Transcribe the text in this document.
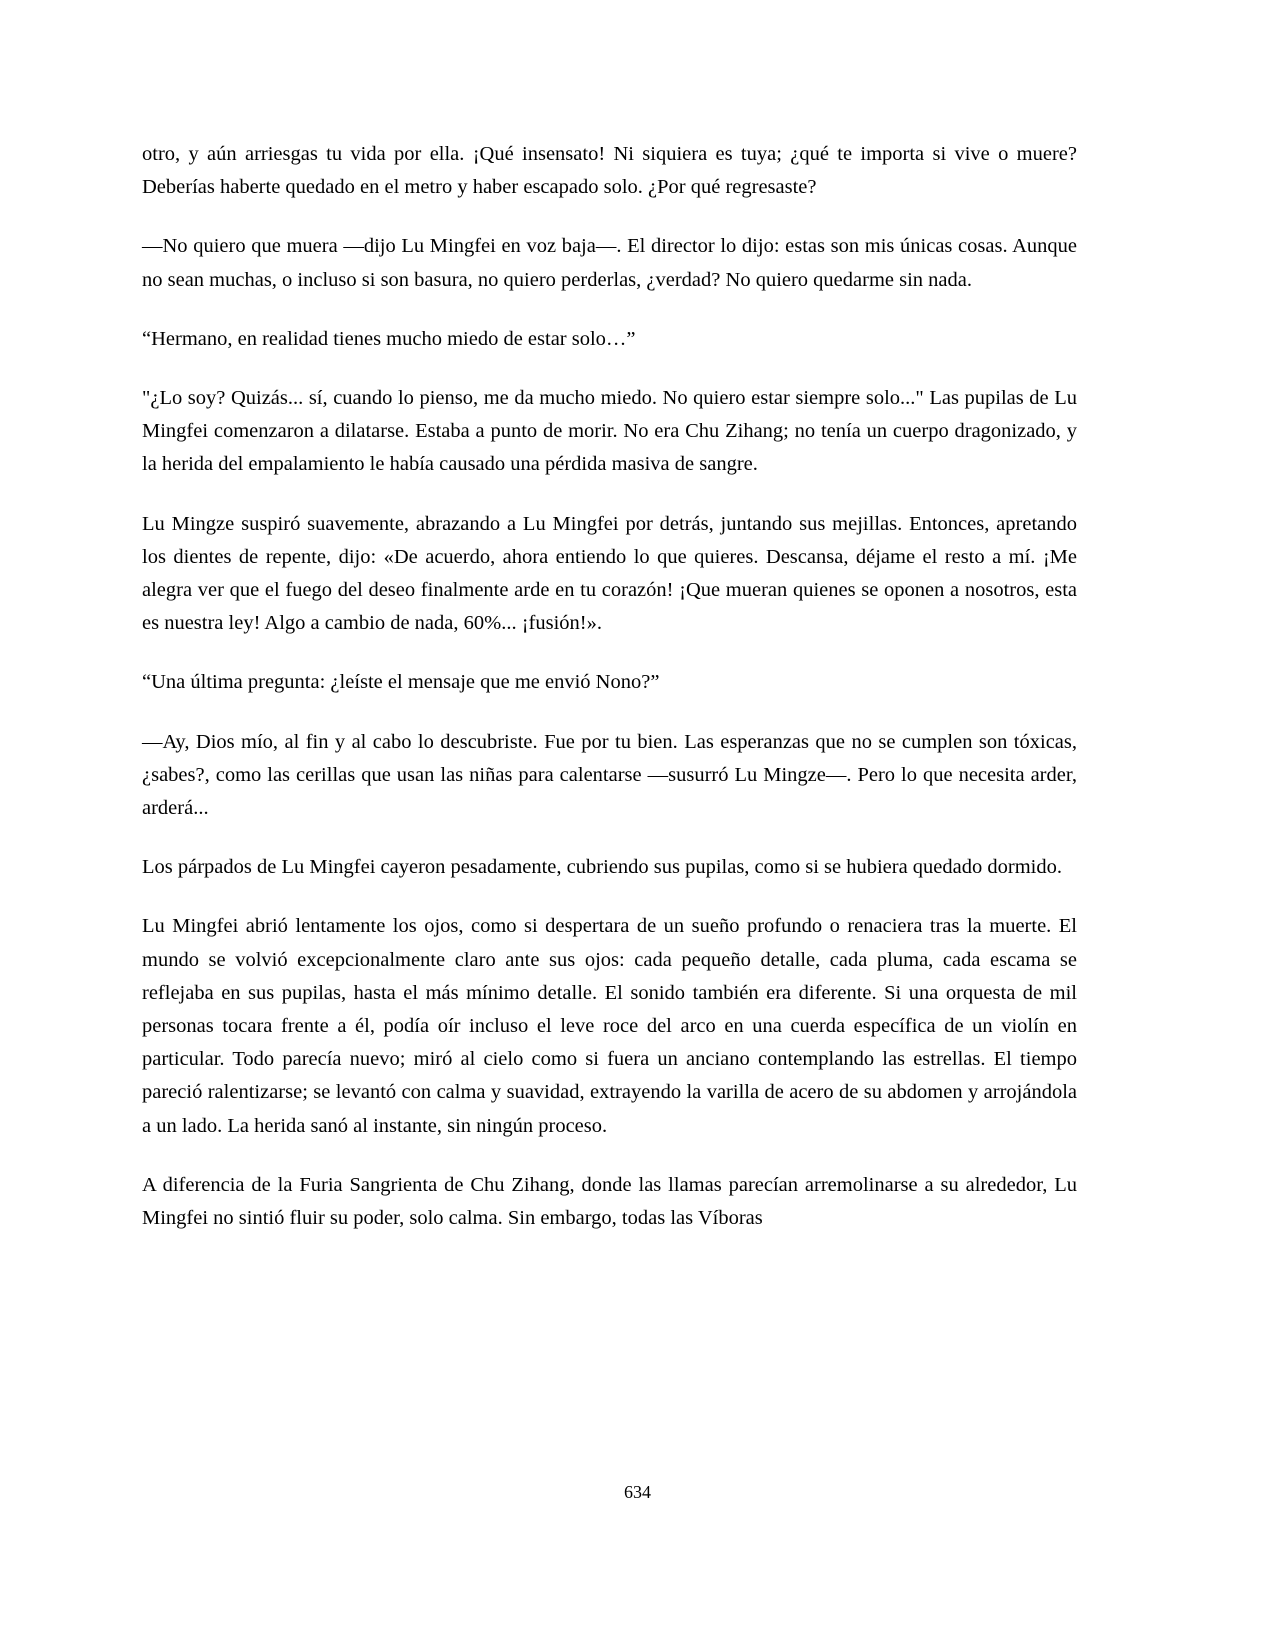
otro, y aún arriesgas tu vida por ella. ¡Qué insensato! Ni siquiera es tuya; ¿qué te importa si vive o muere? Deberías haberte quedado en el metro y haber escapado solo. ¿Por qué regresaste?

—No quiero que muera —dijo Lu Mingfei en voz baja—. El director lo dijo: estas son mis únicas cosas. Aunque no sean muchas, o incluso si son basura, no quiero perderlas, ¿verdad? No quiero quedarme sin nada.

“Hermano, en realidad tienes mucho miedo de estar solo…”

"¿Lo soy? Quizás... sí, cuando lo pienso, me da mucho miedo. No quiero estar siempre solo..." Las pupilas de Lu Mingfei comenzaron a dilatarse. Estaba a punto de morir. No era Chu Zihang; no tenía un cuerpo dragonizado, y la herida del empalamiento le había causado una pérdida masiva de sangre.

Lu Mingze suspiró suavemente, abrazando a Lu Mingfei por detrás, juntando sus mejillas. Entonces, apretando los dientes de repente, dijo: «De acuerdo, ahora entiendo lo que quieres. Descansa, déjame el resto a mí. ¡Me alegra ver que el fuego del deseo finalmente arde en tu corazón! ¡Que mueran quienes se oponen a nosotros, esta es nuestra ley! Algo a cambio de nada, 60%... ¡fusión!».

“Una última pregunta: ¿leíste el mensaje que me envió Nono?”

—Ay, Dios mío, al fin y al cabo lo descubriste. Fue por tu bien. Las esperanzas que no se cumplen son tóxicas, ¿sabes?, como las cerillas que usan las niñas para calentarse —susurró Lu Mingze—. Pero lo que necesita arder, arderá...

Los párpados de Lu Mingfei cayeron pesadamente, cubriendo sus pupilas, como si se hubiera quedado dormido.

Lu Mingfei abrió lentamente los ojos, como si despertara de un sueño profundo o renaciera tras la muerte. El mundo se volvió excepcionalmente claro ante sus ojos: cada pequeño detalle, cada pluma, cada escama se reflejaba en sus pupilas, hasta el más mínimo detalle. El sonido también era diferente. Si una orquesta de mil personas tocara frente a él, podía oír incluso el leve roce del arco en una cuerda específica de un violín en particular. Todo parecía nuevo; miró al cielo como si fuera un anciano contemplando las estrellas. El tiempo pareció ralentizarse; se levantó con calma y suavidad, extrayendo la varilla de acero de su abdomen y arrojándola a un lado. La herida sanó al instante, sin ningún proceso.

A diferencia de la Furia Sangrienta de Chu Zihang, donde las llamas parecían arremolinarse a su alrededor, Lu Mingfei no sintió fluir su poder, solo calma. Sin embargo, todas las Víboras

634
